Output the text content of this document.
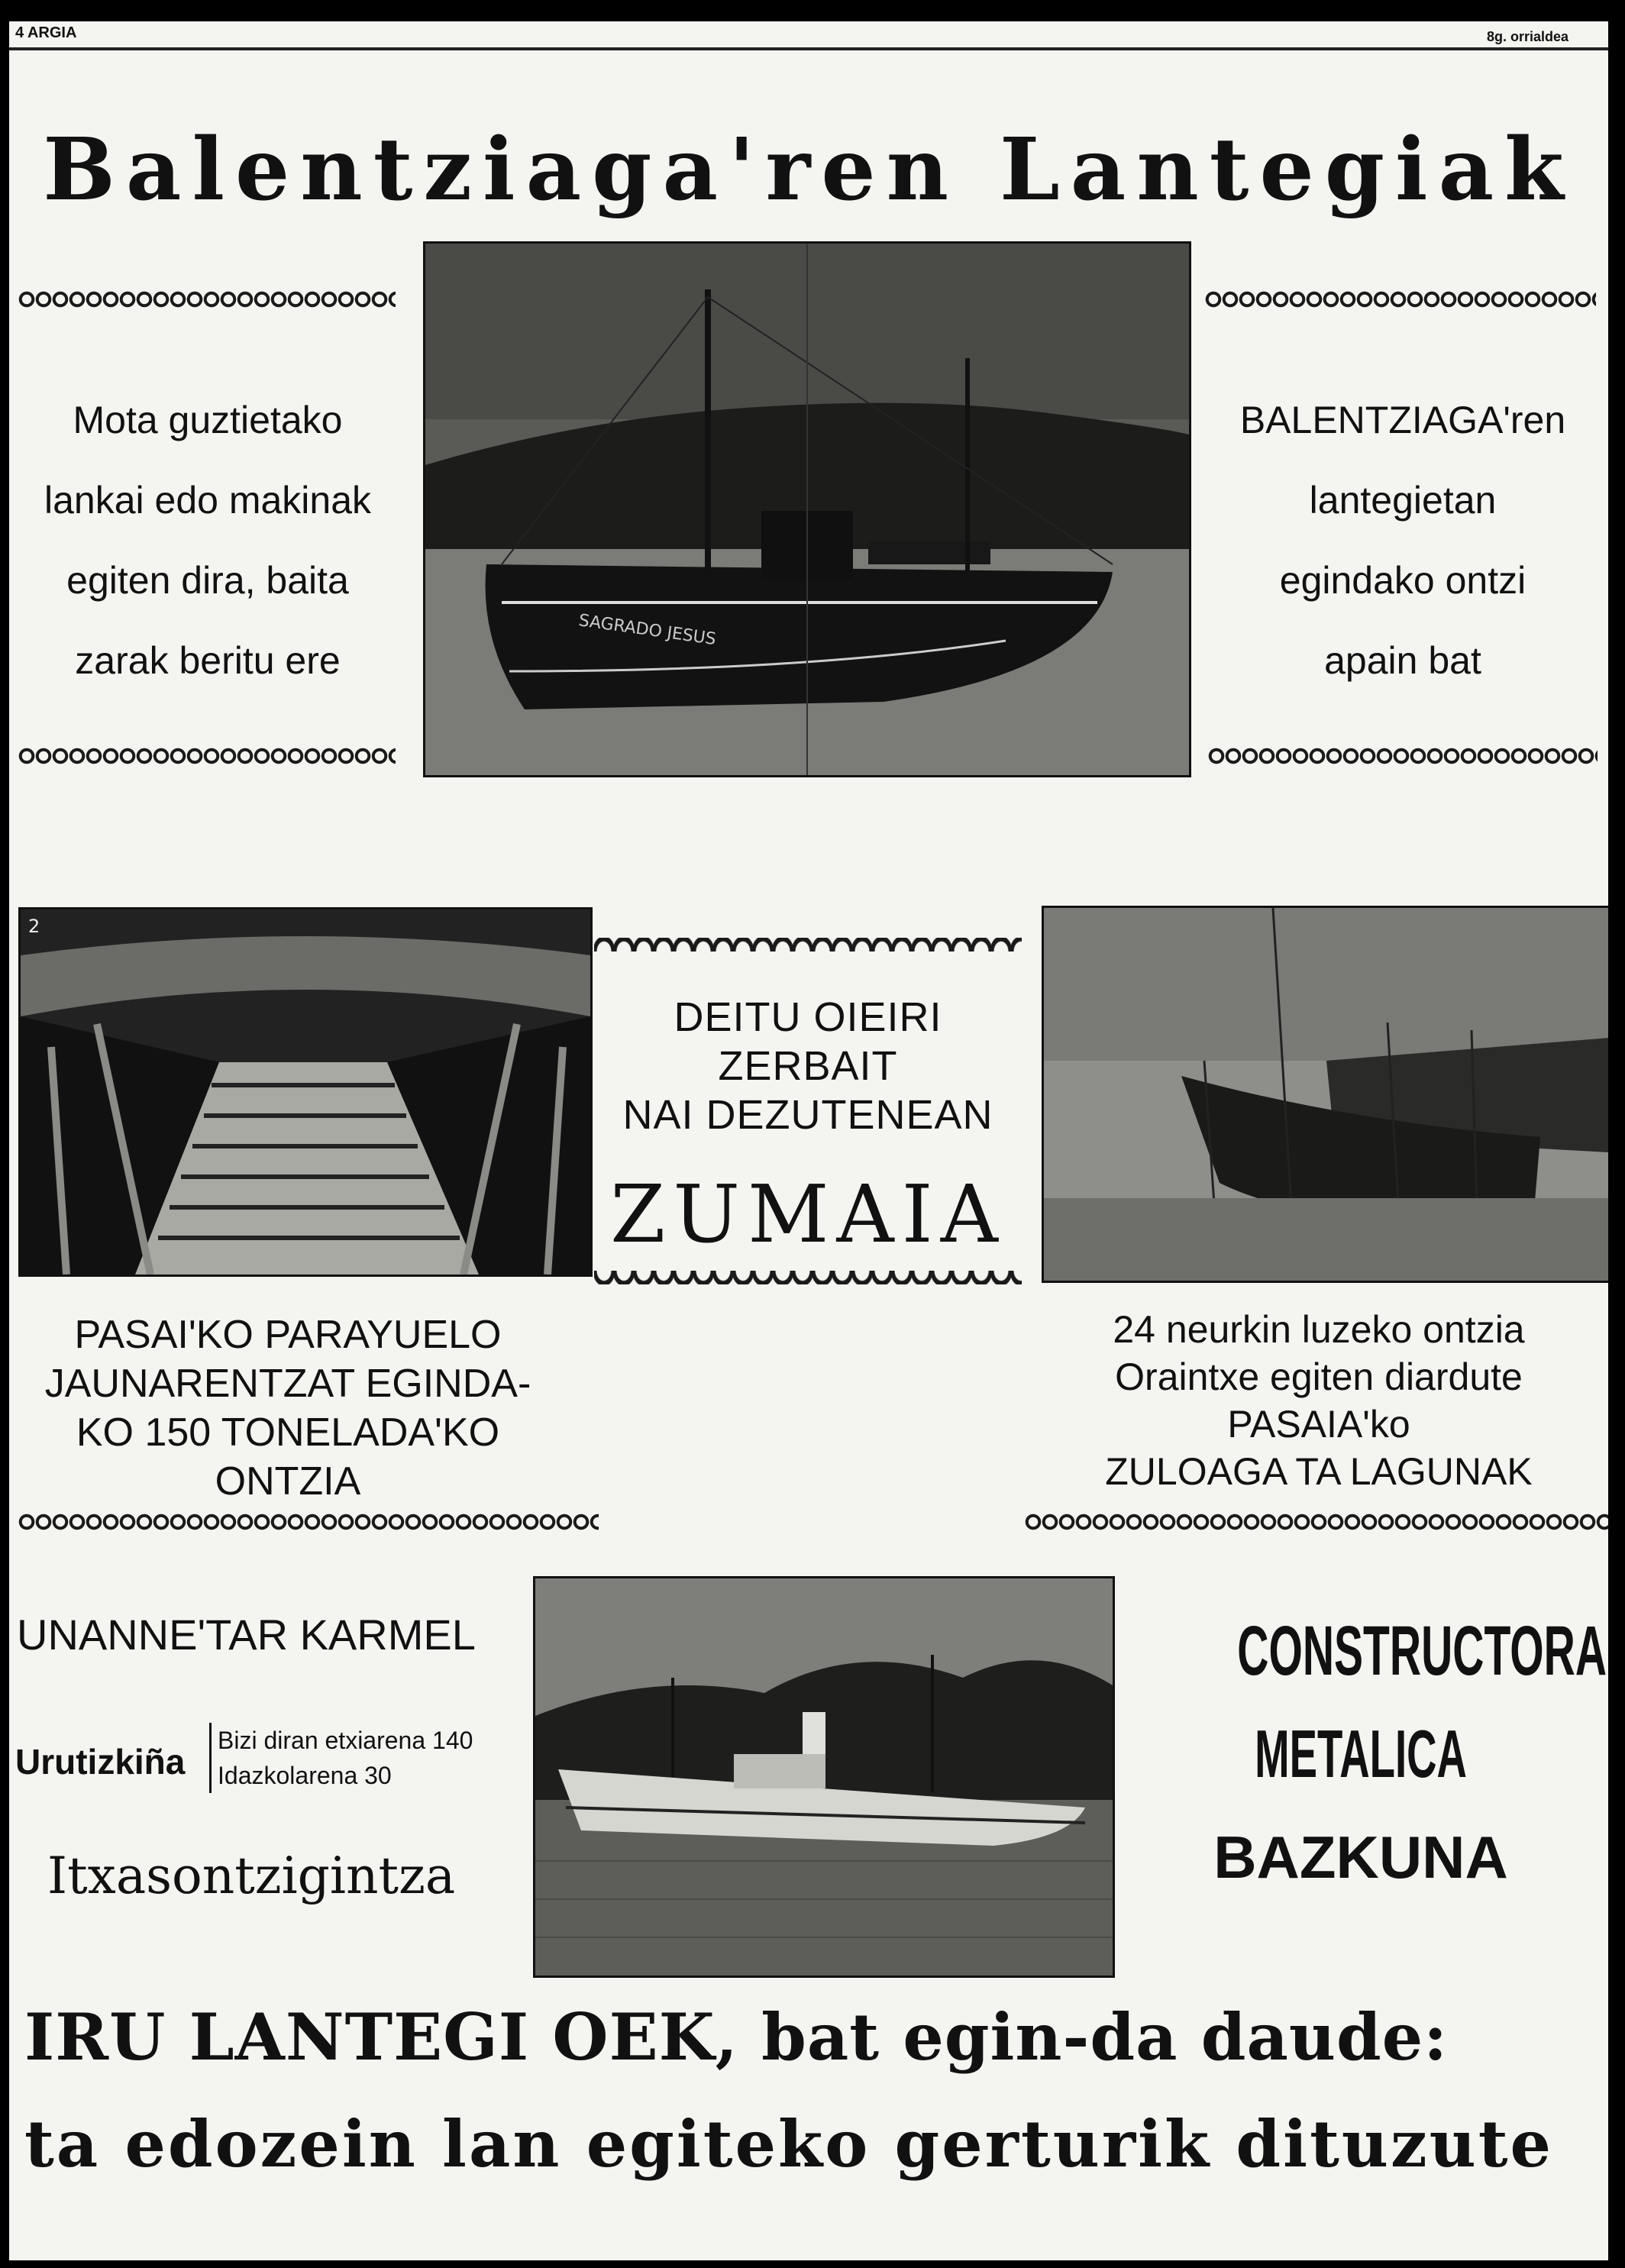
4 ARGIA	8g. orrialdea
Balentziaga'ren Lantegiak
Mota guztietako
lankai edo makinak
egiten dira, baita
zarak beritu ere
BALENTZIAGA'ren
lantegietan
egindako ontzi
apain bat
SAGRADO JESUS
2
DEITU OIEIRI
ZERBAIT
NAI DEZUTENEAN
ZUMAIA
PASAI'KO PARAYUELO
JAUNARENTZAT EGINDA-
KO 150 TONELADA'KO
ONTZIA
24 neurkin luzeko ontzia
Oraintxe egiten diardute
PASAIA'ko
ZULOAGA TA LAGUNAK
UNANNE'TAR KARMEL
Urutizkiña
Bizi diran etxiarena 140
Idazkolarena 30
Itxasontzigintza
CONSTRUCTORA
METALICA
BAZKUNA
IRU LANTEGI OEK, bat egin-da daude:
ta edozein lan egiteko gerturik dituzute
